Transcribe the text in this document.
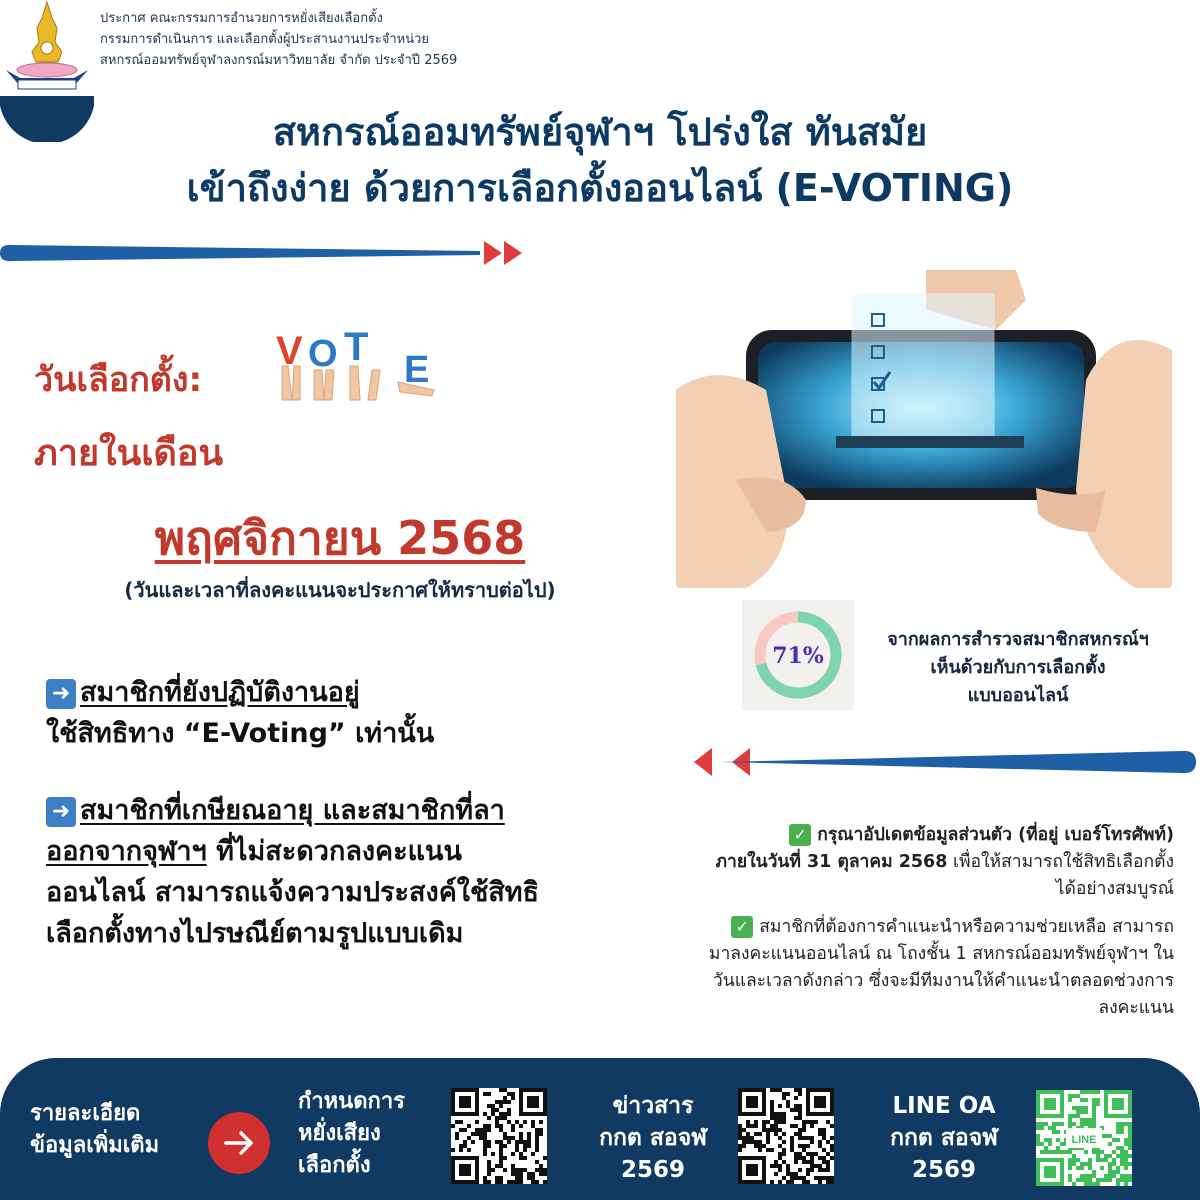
ประกาศ คณะกรรมการอำนวยการหยั่งเสียงเลือกตั้ง
กรรมการดำเนินการ และเลือกตั้งผู้ประสานงานประจำหน่วย
สหกรณ์ออมทรัพย์จุฬาลงกรณ์มหาวิทยาลัย จำกัด ประจำปี 2569
สหกรณ์ออมทรัพย์จุฬาฯ โปร่งใส ทันสมัย
เข้าถึงง่าย ด้วยการเลือกตั้งออนไลน์ (E-VOTING)
วันเลือกตั้ง:
V O T
E
ภายในเดือน
พฤศจิกายน 2568
(วันและเวลาที่ลงคะแนนจะประกาศให้ทราบต่อไป)
➜ สมาชิกที่ยังปฏิบัติงานอยู่
ใช้สิทธิทาง “E-Voting” เท่านั้น
➜ สมาชิกที่เกษียณอายุ และสมาชิกที่ลา
ออกจากจุฬาฯ ที่ไม่สะดวกลงคะแนน
ออนไลน์ สามารถแจ้งความประสงค์ใช้สิทธิ
เลือกตั้งทางไปรษณีย์ตามรูปแบบเดิม
71%
จากผลการสำรวจสมาชิกสหกรณ์ฯ
เห็นด้วยกับการเลือกตั้ง
แบบออนไลน์
✓ กรุณาอัปเดตข้อมูลส่วนตัว (ที่อยู่ เบอร์โทรศัพท์)
ภายในวันที่ 31 ตุลาคม 2568 เพื่อให้สามารถใช้สิทธิเลือกตั้ง
ได้อย่างสมบูรณ์
✓ สมาชิกที่ต้องการคำแนะนำหรือความช่วยเหลือ สามารถ
มาลงคะแนนออนไลน์ ณ โถงชั้น 1 สหกรณ์ออมทรัพย์จุฬาฯ ใน
วันและเวลาดังกล่าว ซึ่งจะมีทีมงานให้คำแนะนำตลอดช่วงการ
ลงคะแนน
รายละเอียด
ข้อมูลเพิ่มเติม
กำหนดการ
หยั่งเสียง
เลือกตั้ง
ข่าวสาร
กกต สอจฬ
2569
LINE OA
กกต สอจฬ
2569
LINE
